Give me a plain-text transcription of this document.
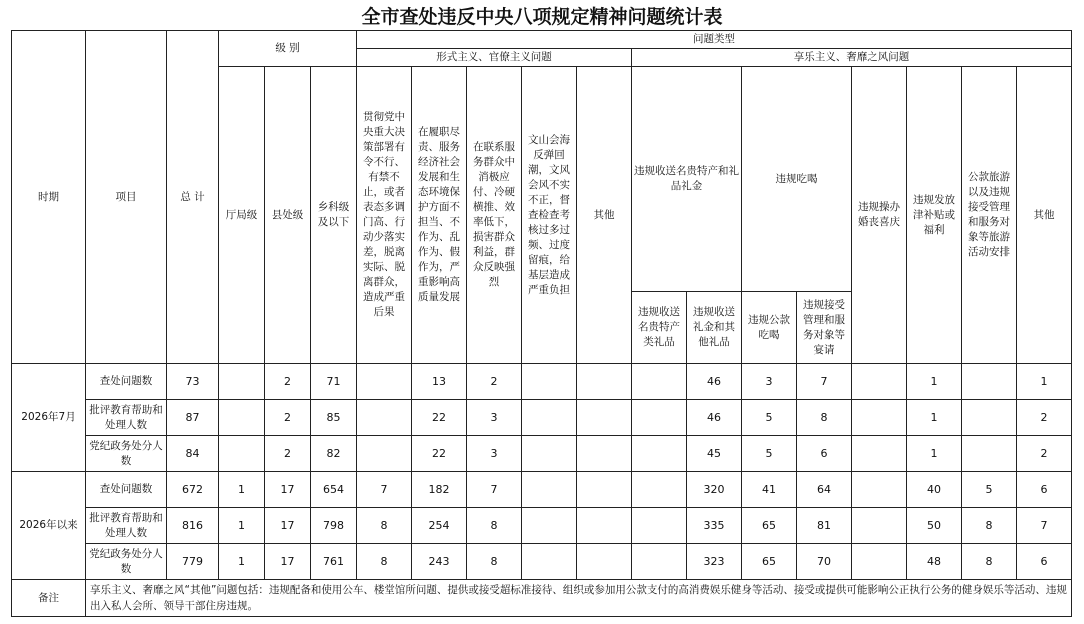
全市查处违反中央八项规定精神问题统计表
时期	项目	总 计	级 别			问题类型												
						形式主义、官僚主义问题					享乐主义、奢靡之风问题							
			厅局级	县处级	乡科级及以下	贯彻党中央重大决策部署有令不行、有禁不止，或者表态多调门高、行动少落实差，脱离实际、脱离群众，造成严重后果	在履职尽责、服务经济社会发展和生态环境保护方面不担当、不作为、乱作为、假作为，严重影响高质量发展	在联系服务群众中消极应付、冷硬横推、效率低下，损害群众利益，群众反映强烈	文山会海反弹回潮，文风会风不实不正，督查检查考核过多过频、过度留痕，给基层造成严重负担	其他	违规收送名贵特产和礼品礼金		违规吃喝		违规操办婚丧喜庆	违规发放津补贴或福利	公款旅游以及违规接受管理和服务对象等旅游活动安排	其他
											违规收送名贵特产类礼品	违规收送礼金和其他礼品	违规公款吃喝	违规接受管理和服务对象等宴请				
2026年7月	查处问题数	73		2	71		13	2				46	3	7		1		1
	批评教育帮助和处理人数	87		2	85		22	3				46	5	8		1		2
	党纪政务处分人数	84		2	82		22	3				45	5	6		1		2
2026年以来	查处问题数	672	1	17	654	7	182	7				320	41	64		40	5	6
	批评教育帮助和处理人数	816	1	17	798	8	254	8				335	65	81		50	8	7
	党纪政务处分人数	779	1	17	761	8	243	8				323	65	70		48	8	6
备注	享乐主义、奢靡之风“其他”问题包括：违规配备和使用公车、楼堂馆所问题、提供或接受超标准接待、组织或参加用公款支付的高消费娱乐健身等活动、接受或提供可能影响公正执行公务的健身娱乐等活动、违规出入私人会所、领导干部住房违规。																	
